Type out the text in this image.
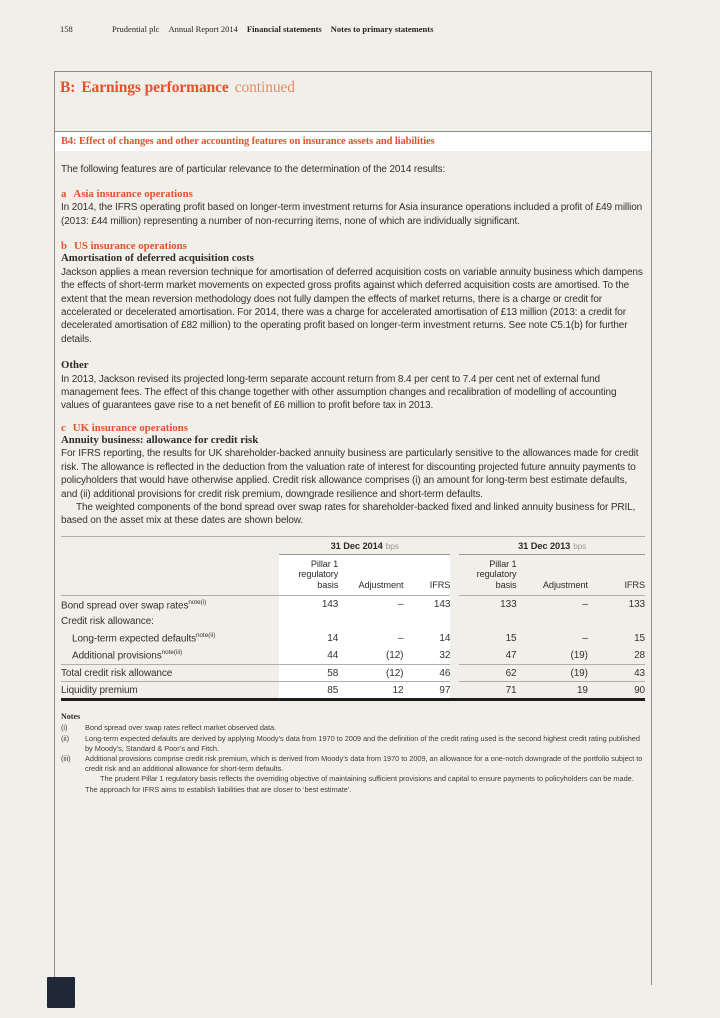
158	Prudential plc Annual Report 2014 Financial statements Notes to primary statements
B: Earnings performance continued
B4: Effect of changes and other accounting features on insurance assets and liabilities

The following features are of particular relevance to the determination of the 2014 results:

a Asia insurance operations

In 2014, the IFRS operating profit based on longer-term investment returns for Asia insurance operations included a profit of £49 million (2013: £44 million) representing a number of non-recurring items, none of which are individually significant.

b US insurance operations
Amortisation of deferred acquisition costs

Jackson applies a mean reversion technique for amortisation of deferred acquisition costs on variable annuity business which dampens the effects of short-term market movements on expected gross profits against which deferred acquisition costs are amortised. To the extent that the mean reversion methodology does not fully dampen the effects of market returns, there is a charge or credit for accelerated or decelerated amortisation. For 2014, there was a charge for accelerated amortisation of £13 million (2013: a credit for decelerated amortisation of £82 million) to the operating profit based on longer-term investment returns. See note C5.1(b) for further details.

Other

In 2013, Jackson revised its projected long-term separate account return from 8.4 per cent to 7.4 per cent net of external fund management fees. The effect of this change together with other assumption changes and recalibration of modelling of accounting values of guarantees gave rise to a net benefit of £6 million to profit before tax in 2013.

c UK insurance operations
Annuity business: allowance for credit risk

For IFRS reporting, the results for UK shareholder-backed annuity business are particularly sensitive to the allowances made for credit risk. The allowance is reflected in the deduction from the valuation rate of interest for discounting projected future annuity payments to policyholders that would have otherwise applied. Credit risk allowance comprises (i) an amount for long-term best estimate defaults, and (ii) additional provisions for credit risk premium, downgrade resilience and short-term defaults.

The weighted components of the bond spread over swap rates for shareholder-backed fixed and linked annuity business for PRIL, based on the asset mix at these dates are shown below.

	31 Dec 2014 bps				31 Dec 2013 bps		
	Pillar 1 regulatory basis	Adjustment	IFRS		Pillar 1 regulatory basis	Adjustment	IFRS
Bond spread over swap rates$^{note(i)}$	143	–	143		133	–	133
Credit risk allowance:							
Long-term expected defaults$^{note(ii)}$	14	–	14		15	–	15
Additional provisions$^{note(iii)}$	44	(12)	32		47	(19)	28
Total credit risk allowance	58	(12)	46		62	(19)	43
Liquidity premium	85	12	97		71	19	90
Notes
(i)	Bond spread over swap rates reflect market observed data.

(ii)	Long-term expected defaults are derived by applying Moody’s data from 1970 to 2009 and the definition of the credit rating used is the second highest credit rating published by Moody’s, Standard & Poor’s and Fitch.

(iii)	Additional provisions comprise credit risk premium, which is derived from Moody’s data from 1970 to 2009, an allowance for a one-notch downgrade of the portfolio subject to credit risk and an additional allowance for short-term defaults.

The prudent Pillar 1 regulatory basis reflects the overriding objective of maintaining sufficient provisions and capital to ensure payments to policyholders can be made. The approach for IFRS aims to establish liabilities that are closer to ‘best estimate’.
